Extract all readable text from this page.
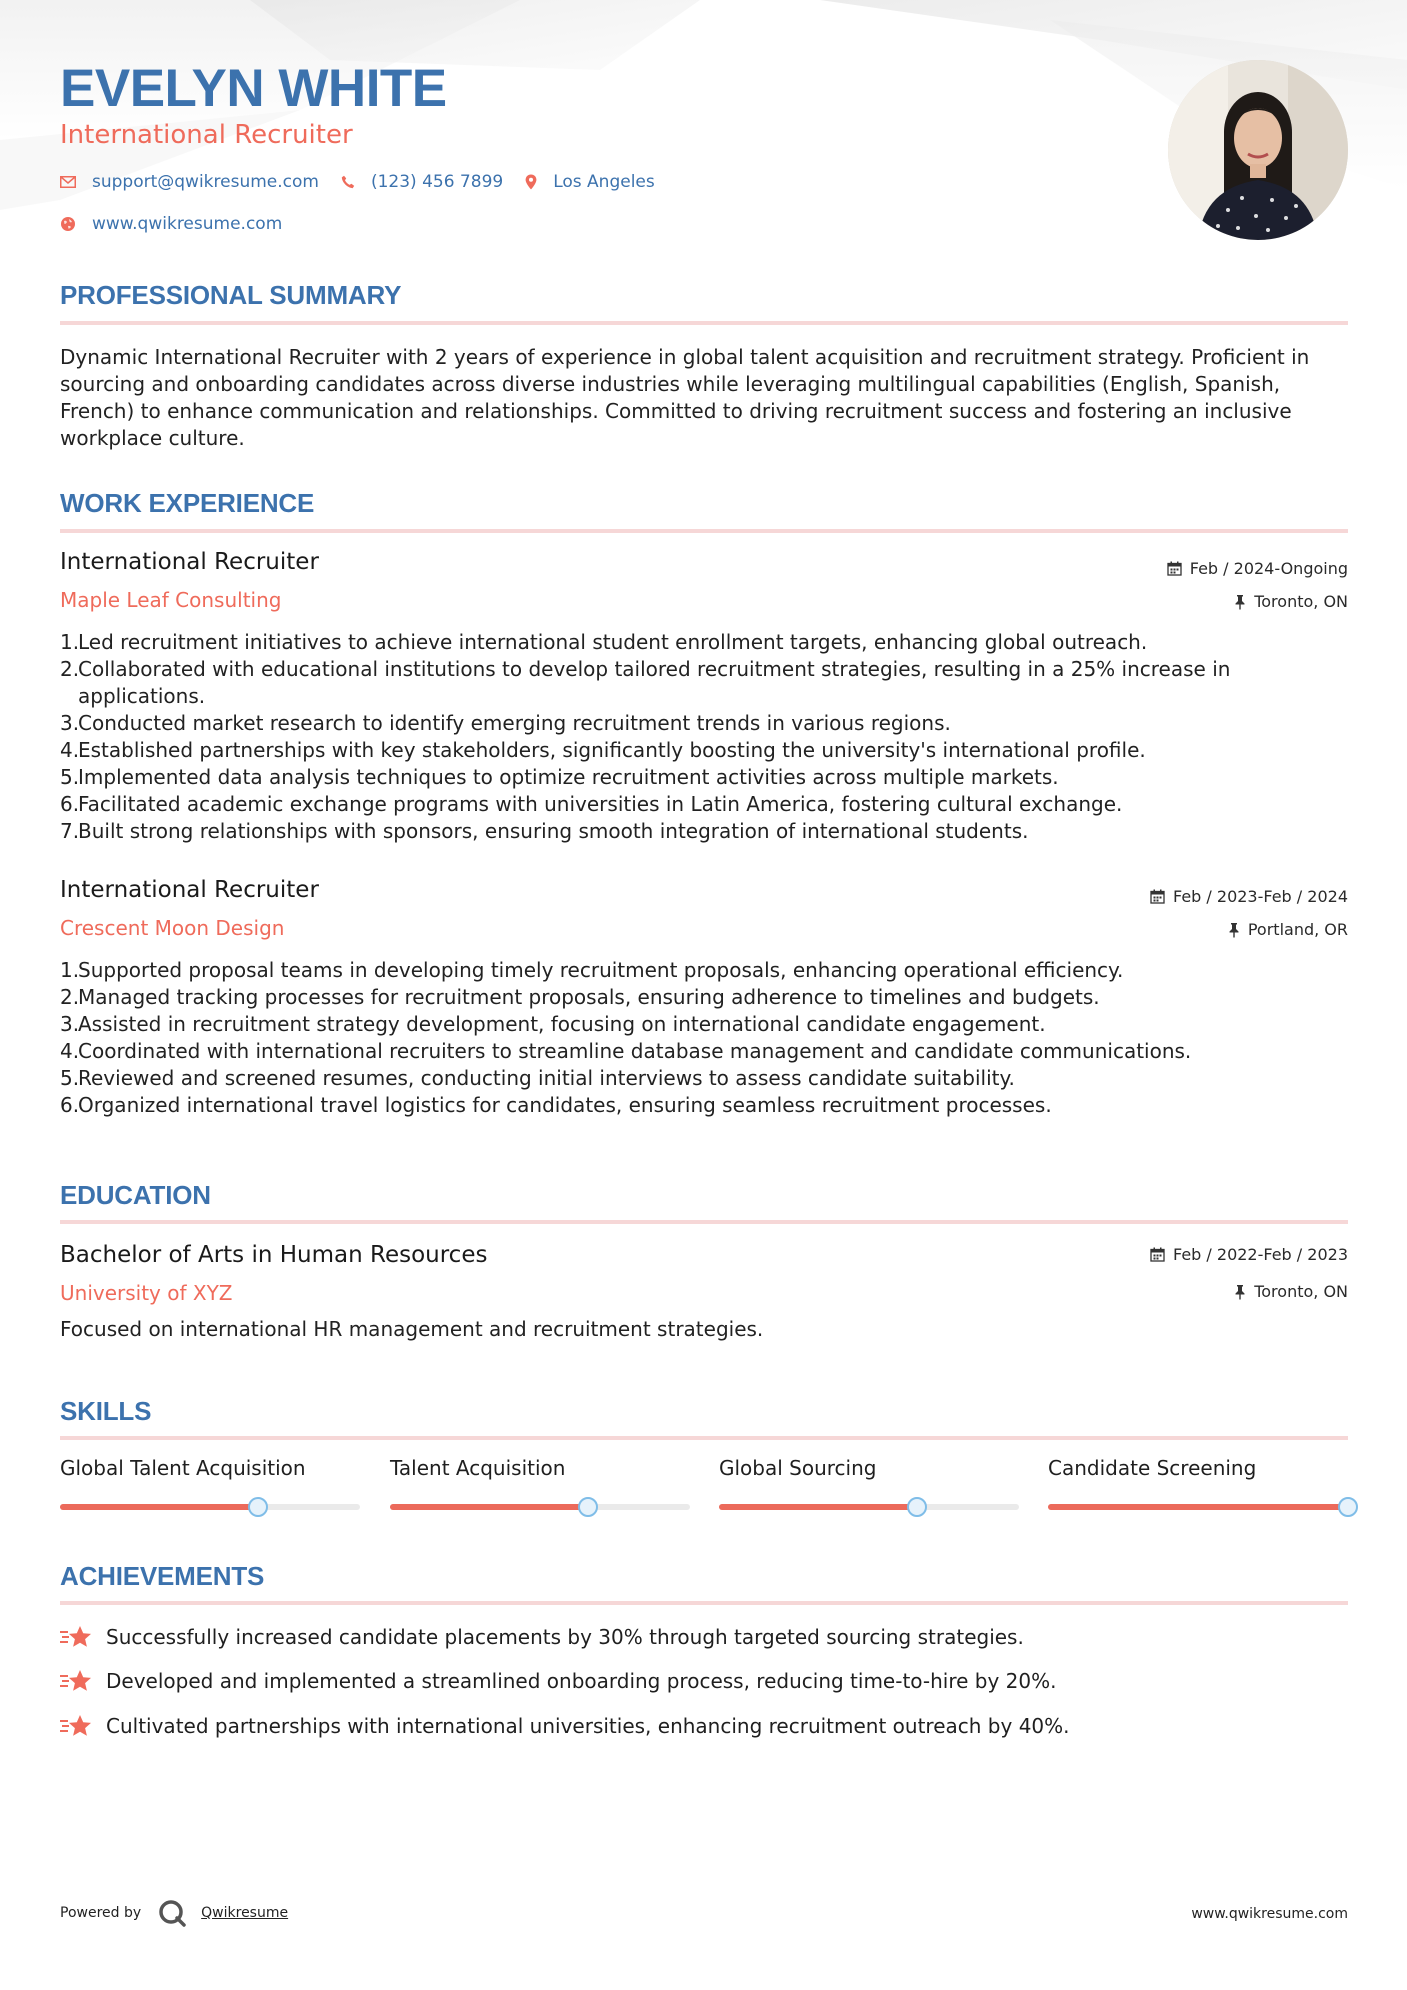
EVELYN WHITE
International Recruiter
support@qwikresume.com	(123) 456 7899	Los Angeles
www.qwikresume.com
PROFESSIONAL SUMMARY
Dynamic International Recruiter with 2 years of experience in global talent acquisition and recruitment strategy. Proficient in sourcing and onboarding candidates across diverse industries while leveraging multilingual capabilities (English, Spanish, French) to enhance communication and relationships. Committed to driving recruitment success and fostering an inclusive workplace culture.
WORK EXPERIENCE
International Recruiter	Feb / 2024-Ongoing
Maple Leaf Consulting	Toronto, ON
1.
Led recruitment initiatives to achieve international student enrollment targets, enhancing global outreach.
2.
Collaborated with educational institutions to develop tailored recruitment strategies, resulting in a 25% increase in applications.
3.
Conducted market research to identify emerging recruitment trends in various regions.
4.
Established partnerships with key stakeholders, significantly boosting the university's international profile.
5.
Implemented data analysis techniques to optimize recruitment activities across multiple markets.
6.
Facilitated academic exchange programs with universities in Latin America, fostering cultural exchange.
7.
Built strong relationships with sponsors, ensuring smooth integration of international students.
International Recruiter	Feb / 2023-Feb / 2024
Crescent Moon Design	Portland, OR
1.
Supported proposal teams in developing timely recruitment proposals, enhancing operational efficiency.
2.
Managed tracking processes for recruitment proposals, ensuring adherence to timelines and budgets.
3.
Assisted in recruitment strategy development, focusing on international candidate engagement.
4.
Coordinated with international recruiters to streamline database management and candidate communications.
5.
Reviewed and screened resumes, conducting initial interviews to assess candidate suitability.
6.
Organized international travel logistics for candidates, ensuring seamless recruitment processes.
EDUCATION
Bachelor of Arts in Human Resources	Feb / 2022-Feb / 2023
University of XYZ	Toronto, ON
Focused on international HR management and recruitment strategies.
SKILLS
Global Talent Acquisition	Talent Acquisition	Global Sourcing	Candidate Screening
ACHIEVEMENTS
Successfully increased candidate placements by 30% through targeted sourcing strategies.
Developed and implemented a streamlined onboarding process, reducing time-to-hire by 20%.
Cultivated partnerships with international universities, enhancing recruitment outreach by 40%.
Powered by	Qwikresume	www.qwikresume.com
